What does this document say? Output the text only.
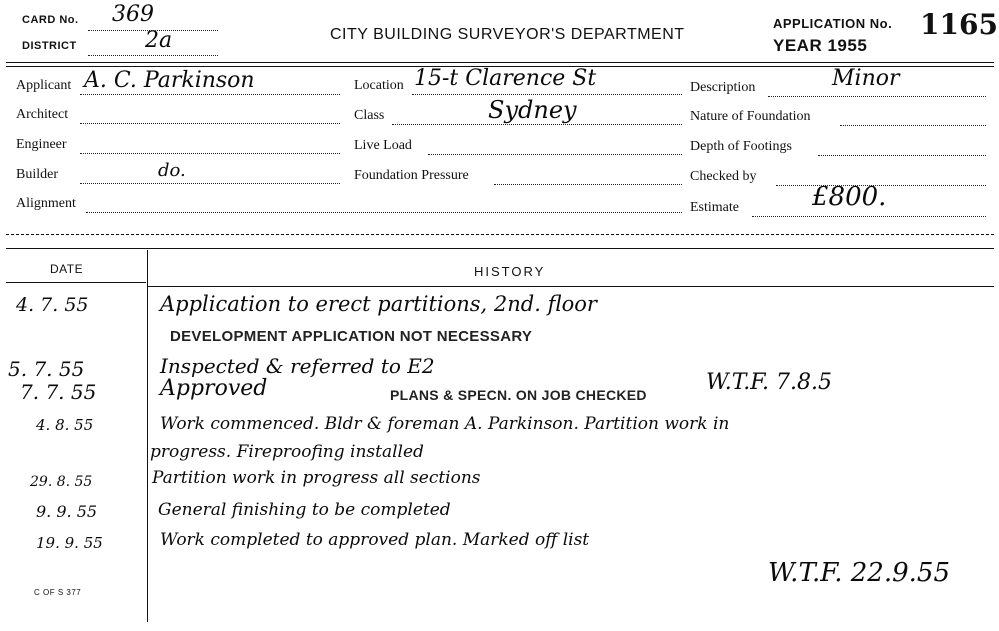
CARD No. 369
DISTRICT	2a	CITY BUILDING SURVEYOR'S DEPARTMENT
APPLICATION No. 1165
YEAR 1955
Applicant A. C. Parkinson	Location 15-t Clarence St	Description	Minor
Architect	Class	Sydney	Nature of Foundation
Engineer	Live Load	Depth of Footings
Builder	do.	Foundation Pressure	Checked by
Alignment	Estimate	£800.
DATE	HISTORY
4. 7. 55	Application to erect partitions, 2nd. floor
DEVELOPMENT APPLICATION NOT NECESSARY
5. 7. 55	Inspected & referred to E2
7. 7. 55	Approved	PLANS & SPECN. ON JOB CHECKED	W.T.F. 7.8.5
4. 8. 55	Work commenced. Bldr & foreman A. Parkinson. Partition work in
progress. Fireproofing installed
29. 8. 55	Partition work in progress all sections
9. 9. 55	General finishing to be completed
19. 9. 55	Work completed to approved plan. Marked off list
W.T.F. 22.9.55
C OF S 377
